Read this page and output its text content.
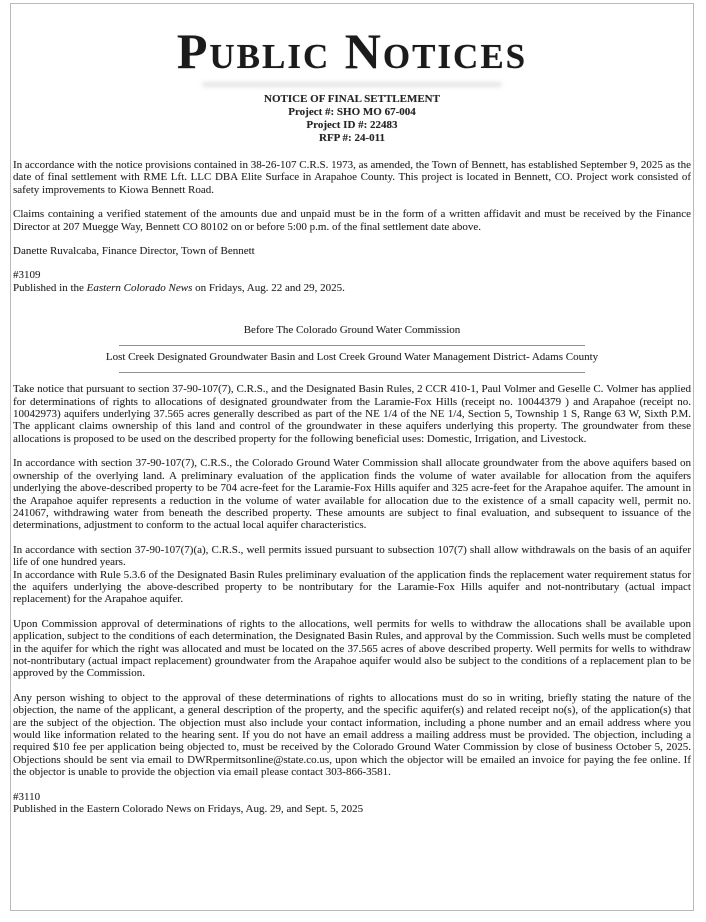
Public Notices
NOTICE OF FINAL SETTLEMENT
Project #: SHO MO 67-004
Project ID #: 22483
RFP #: 24-011

In accordance with the notice provisions contained in 38-26-107 C.R.S. 1973, as amended, the Town of Bennett, has established September 9, 2025 as the date of final settlement with RME Lft. LLC DBA Elite Surface in Arapahoe County. This project is located in Bennett, CO. Project work consisted of safety improvements to Kiowa Bennett Road.

Claims containing a verified statement of the amounts due and unpaid must be in the form of a written affidavit and must be received by the Finance Director at 207 Muegge Way, Bennett CO 80102 on or before 5:00 p.m. of the final settlement date above.

Danette Ruvalcaba, Finance Director, Town of Bennett

#3109

Published in the Eastern Colorado News on Fridays, Aug. 22 and 29, 2025.

Before The Colorado Ground Water Commission
Lost Creek Designated Groundwater Basin and Lost Creek Ground Water Management District- Adams County

Take notice that pursuant to section 37-90-107(7), C.R.S., and the Designated Basin Rules, 2 CCR 410-1, Paul Volmer and Geselle C. Volmer has applied for determinations of rights to allocations of designated groundwater from the Laramie-Fox Hills (receipt no. 10044379 ) and Arapahoe (receipt no. 10042973) aquifers underlying 37.565 acres generally described as part of the NE 1/4 of the NE 1/4, Section 5, Township 1 S, Range 63 W, Sixth P.M. The applicant claims ownership of this land and control of the groundwater in these aquifers underlying this property. The groundwater from these allocations is proposed to be used on the described property for the following beneficial uses: Domestic, Irrigation, and Livestock.

In accordance with section 37-90-107(7), C.R.S., the Colorado Ground Water Commission shall allocate groundwater from the above aquifers based on ownership of the overlying land. A preliminary evaluation of the application finds the volume of water available for allocation from the aquifers underlying the above-described property to be 704 acre-feet for the Laramie-Fox Hills aquifer and 325 acre-feet for the Arapahoe aquifer. The amount in the Arapahoe aquifer represents a reduction in the volume of water available for allocation due to the existence of a small capacity well, permit no. 241067, withdrawing water from beneath the described property. These amounts are subject to final evaluation, and subsequent to issuance of the determinations, adjustment to conform to the actual local aquifer characteristics.

In accordance with section 37-90-107(7)(a), C.R.S., well permits issued pursuant to subsection 107(7) shall allow withdrawals on the basis of an aquifer life of one hundred years.

In accordance with Rule 5.3.6 of the Designated Basin Rules preliminary evaluation of the application finds the replacement water requirement status for the aquifers underlying the above-described property to be nontributary for the Laramie-Fox Hills aquifer and not-nontributary (actual impact replacement) for the Arapahoe aquifer.

Upon Commission approval of determinations of rights to the allocations, well permits for wells to withdraw the allocations shall be available upon application, subject to the conditions of each determination, the Designated Basin Rules, and approval by the Commission. Such wells must be completed in the aquifer for which the right was allocated and must be located on the 37.565 acres of above described property. Well permits for wells to withdraw not-nontributary (actual impact replacement) groundwater from the Arapahoe aquifer would also be subject to the conditions of a replacement plan to be approved by the Commission.

Any person wishing to object to the approval of these determinations of rights to allocations must do so in writing, briefly stating the nature of the objection, the name of the applicant, a general description of the property, and the specific aquifer(s) and related receipt no(s), of the application(s) that are the subject of the objection. The objection must also include your contact information, including a phone number and an email address where you would like information related to the hearing sent. If you do not have an email address a mailing address must be provided. The objection, including a required $10 fee per application being objected to, must be received by the Colorado Ground Water Commission by close of business October 5, 2025. Objections should be sent via email to DWRpermitsonline@state.co.us, upon which the objector will be emailed an invoice for paying the fee online. If the objector is unable to provide the objection via email please contact 303-866-3581.

#3110

Published in the Eastern Colorado News on Fridays, Aug. 29, and Sept. 5, 2025
